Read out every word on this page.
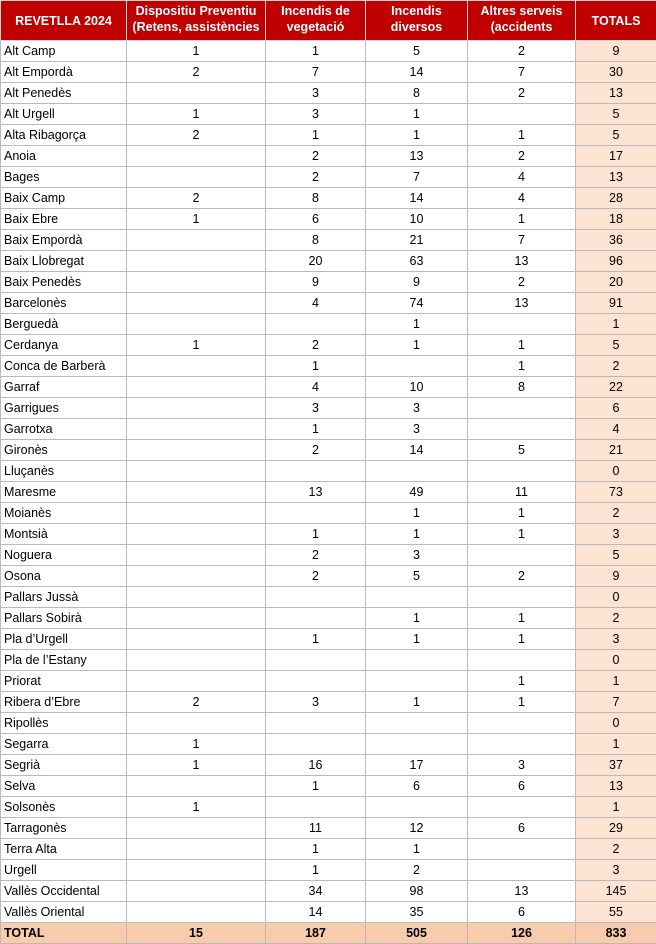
REVETLLA 2024	Dispositiu Preventiu (Retens, assistències	Incendis de vegetació	Incendis diversos	Altres serveis (accidents	TOTALS
Alt Camp	1	1	5	2	9
Alt Empordà	2	7	14	7	30
Alt Penedès		3	8	2	13
Alt Urgell	1	3	1		5
Alta Ribagorça	2	1	1	1	5
Anoia		2	13	2	17
Bages		2	7	4	13
Baix Camp	2	8	14	4	28
Baix Ebre	1	6	10	1	18
Baix Empordà		8	21	7	36
Baix Llobregat		20	63	13	96
Baix Penedès		9	9	2	20
Barcelonès		4	74	13	91
Berguedà			1		1
Cerdanya	1	2	1	1	5
Conca de Barberà		1		1	2
Garraf		4	10	8	22
Garrigues		3	3		6
Garrotxa		1	3		4
Gironès		2	14	5	21
Lluçanès					0
Maresme		13	49	11	73
Moianès			1	1	2
Montsià		1	1	1	3
Noguera		2	3		5
Osona		2	5	2	9
Pallars Jussà					0
Pallars Sobirà			1	1	2
Pla d’Urgell		1	1	1	3
Pla de l’Estany					0
Priorat				1	1
Ribera d’Ebre	2	3	1	1	7
Ripollès					0
Segarra	1				1
Segrià	1	16	17	3	37
Selva		1	6	6	13
Solsonès	1				1
Tarragonès		11	12	6	29
Terra Alta		1	1		2
Urgell		1	2		3
Vallès Occidental		34	98	13	145
Vallès Oriental		14	35	6	55
TOTAL	15	187	505	126	833
